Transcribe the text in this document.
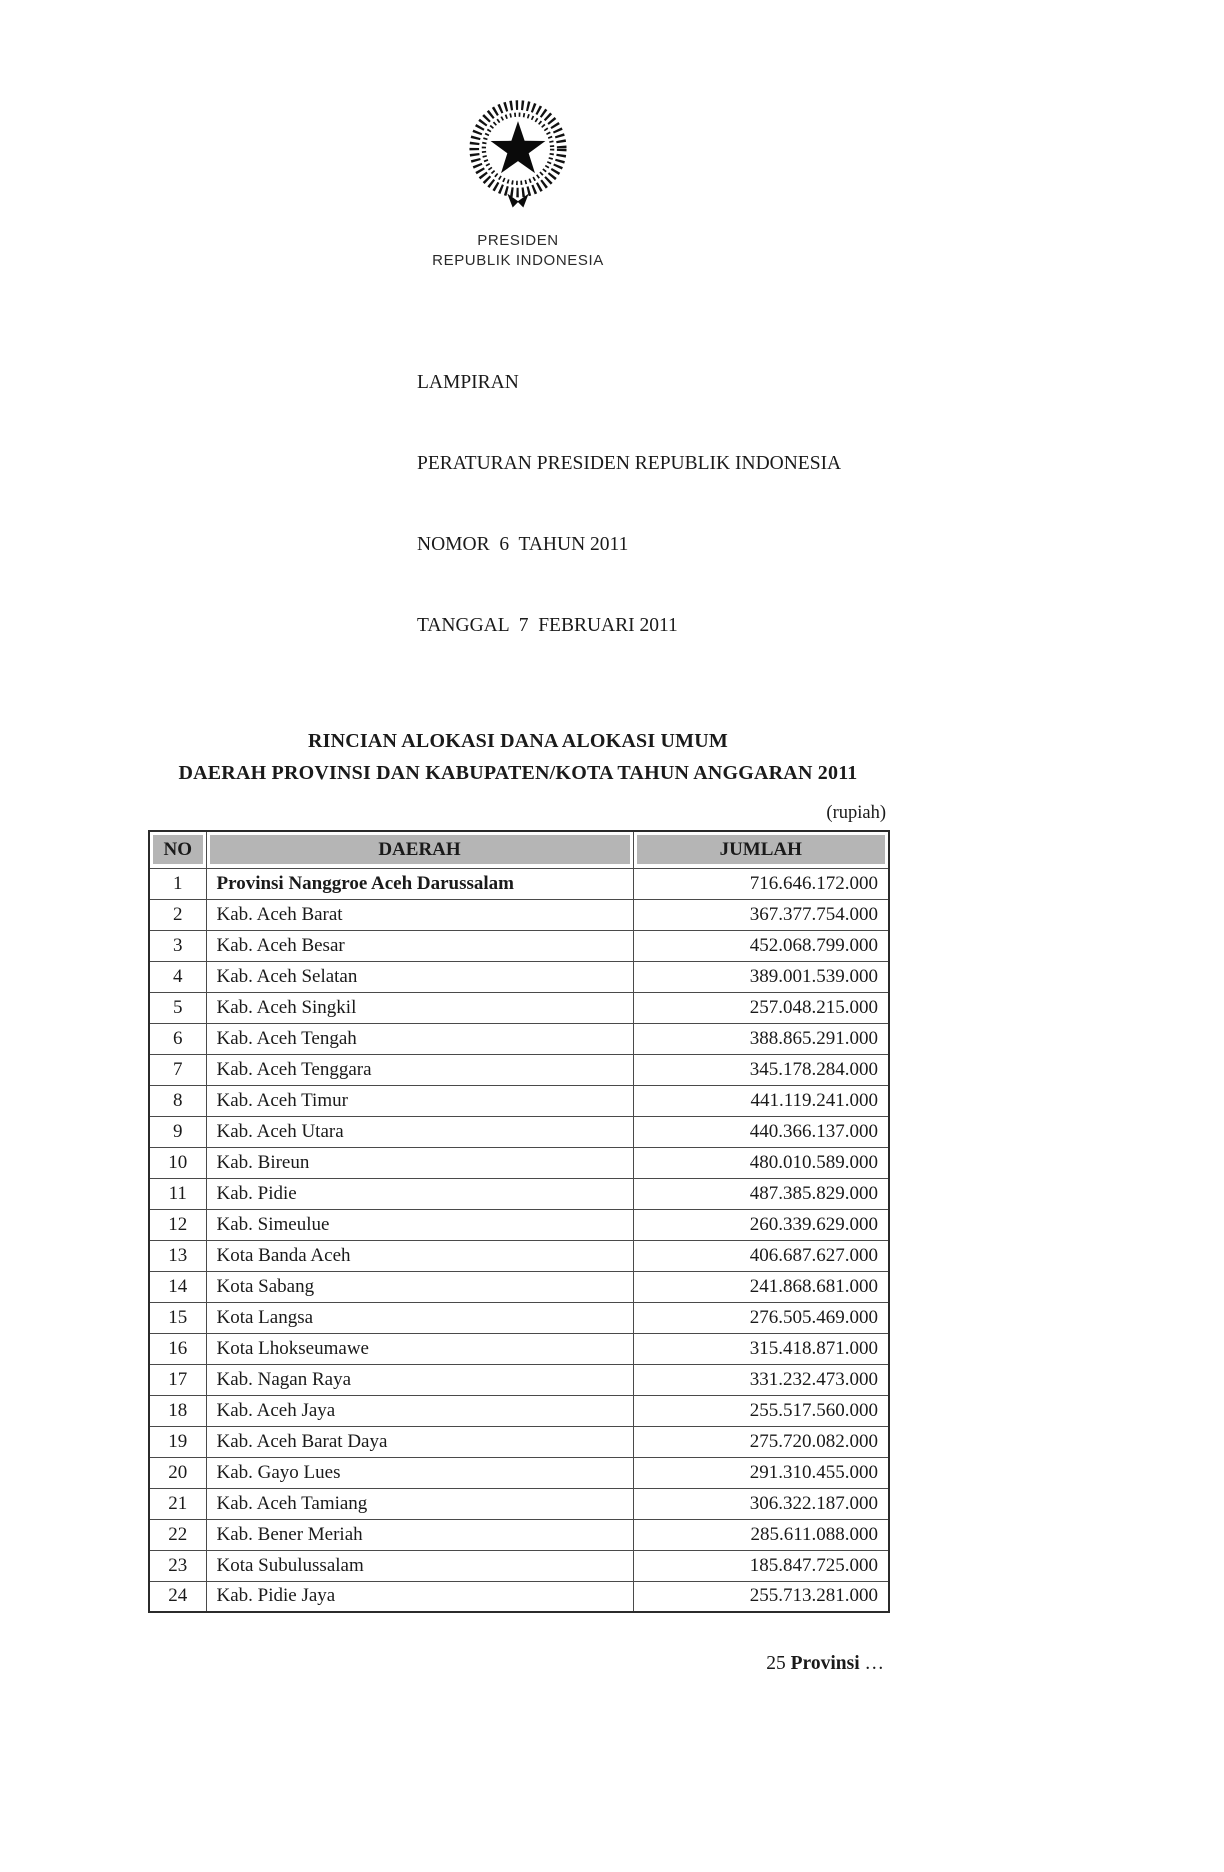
PRESIDEN
REPUBLIK INDONESIA

LAMPIRAN

PERATURAN PRESIDEN REPUBLIK INDONESIA

NOMOR  6  TAHUN 2011

TANGGAL  7  FEBRUARI 2011

RINCIAN ALOKASI DANA ALOKASI UMUM
DAERAH PROVINSI DAN KABUPATEN/KOTA TAHUN ANGGARAN 2011
(rupiah)
NO	DAERAH	JUMLAH

1	Provinsi Nanggroe Aceh Darussalam	716.646.172.000
2	Kab. Aceh Barat	367.377.754.000
3	Kab. Aceh Besar	452.068.799.000
4	Kab. Aceh Selatan	389.001.539.000
5	Kab. Aceh Singkil	257.048.215.000
6	Kab. Aceh Tengah	388.865.291.000
7	Kab. Aceh Tenggara	345.178.284.000
8	Kab. Aceh Timur	441.119.241.000
9	Kab. Aceh Utara	440.366.137.000
10	Kab. Bireun	480.010.589.000
11	Kab. Pidie	487.385.829.000
12	Kab. Simeulue	260.339.629.000
13	Kota Banda Aceh	406.687.627.000
14	Kota Sabang	241.868.681.000
15	Kota Langsa	276.505.469.000
16	Kota Lhokseumawe	315.418.871.000
17	Kab. Nagan Raya	331.232.473.000
18	Kab. Aceh Jaya	255.517.560.000
19	Kab. Aceh Barat Daya	275.720.082.000
20	Kab. Gayo Lues	291.310.455.000
21	Kab. Aceh Tamiang	306.322.187.000
22	Kab. Bener Meriah	285.611.088.000
23	Kota Subulussalam	185.847.725.000
24	Kab. Pidie Jaya	255.713.281.000
25 Provinsi …
